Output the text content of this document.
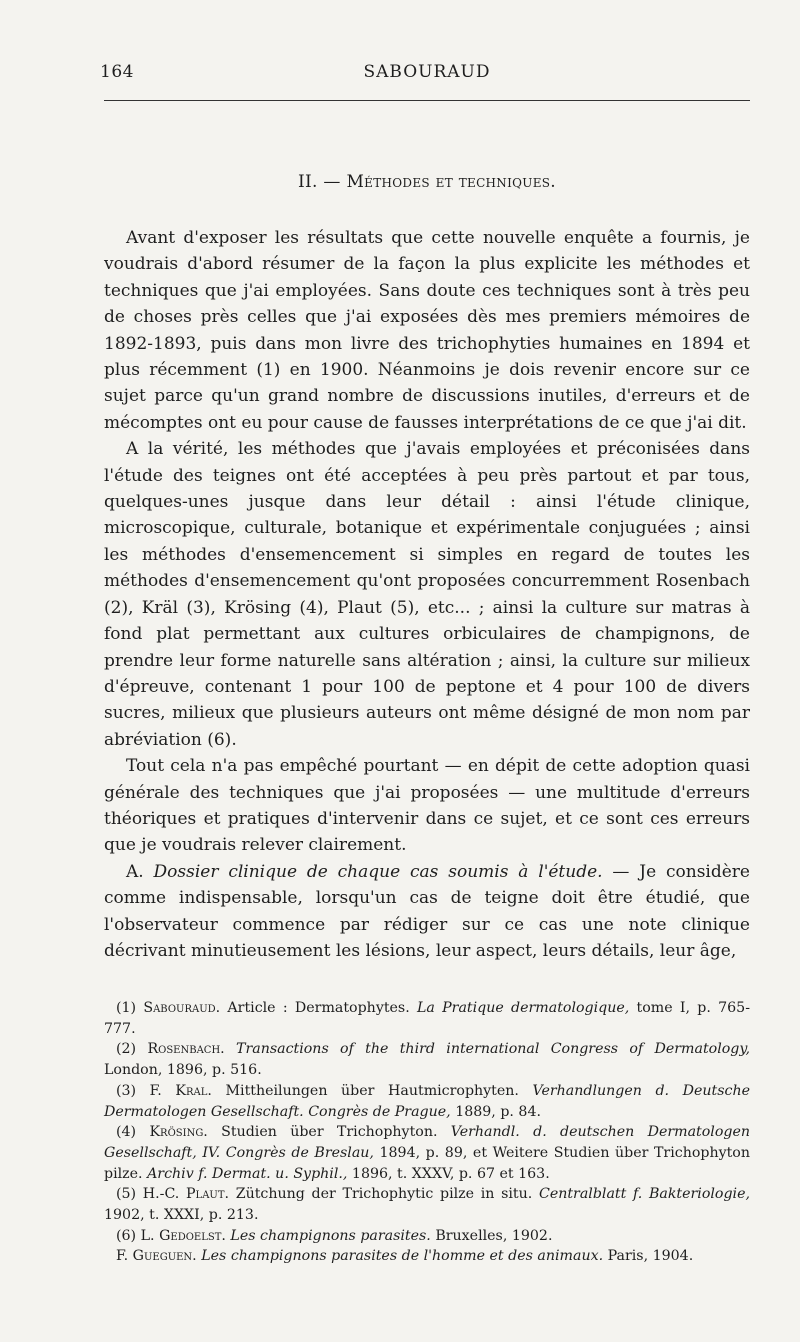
164	SABOURAUD
II. — Méthodes et techniques.

Avant d'exposer les résultats que cette nouvelle enquête a fournis, je voudrais d'abord résumer de la façon la plus explicite les méthodes et techniques que j'ai employées. Sans doute ces techniques sont à très peu de choses près celles que j'ai exposées dès mes premiers mémoires de 1892-1893, puis dans mon livre des trichophyties humaines en 1894 et plus récemment (1) en 1900. Néanmoins je dois revenir encore sur ce sujet parce qu'un grand nombre de discussions inutiles, d'erreurs et de mécomptes ont eu pour cause de fausses interprétations de ce que j'ai dit.

A la vérité, les méthodes que j'avais employées et préconisées dans l'étude des teignes ont été acceptées à peu près partout et par tous, quelques-unes jusque dans leur détail : ainsi l'étude clinique, microscopique, culturale, botanique et expérimentale conjuguées ; ainsi les méthodes d'ensemencement si simples en regard de toutes les méthodes d'ensemencement qu'ont proposées concurremment Rosenbach (2), Kräl (3), Krösing (4), Plaut (5), etc... ; ainsi la culture sur matras à fond plat permettant aux cultures orbiculaires de champignons, de prendre leur forme naturelle sans altération ; ainsi, la culture sur milieux d'épreuve, contenant 1 pour 100 de peptone et 4 pour 100 de divers sucres, milieux que plusieurs auteurs ont même désigné de mon nom par abréviation (6).

Tout cela n'a pas empêché pourtant — en dépit de cette adoption quasi générale des techniques que j'ai proposées — une multitude d'erreurs théoriques et pratiques d'intervenir dans ce sujet, et ce sont ces erreurs que je voudrais relever clairement.

A. Dossier clinique de chaque cas soumis à l'étude. — Je considère comme indispensable, lorsqu'un cas de teigne doit être étudié, que l'observateur commence par rédiger sur ce cas une note clinique décrivant minutieusement les lésions, leur aspect, leurs détails, leur âge,

(1) Sabouraud. Article : Dermatophytes. La Pratique dermatologique, tome I, p. 765-777.

(2) Rosenbach. Transactions of the third international Congress of Dermatology, London, 1896, p. 516.

(3) F. Kral. Mittheilungen über Hautmicrophyten. Verhandlungen d. Deutsche Dermatologen Gesellschaft. Congrès de Prague, 1889, p. 84.

(4) Krösing. Studien über Trichophyton. Verhandl. d. deutschen Dermatologen Gesellschaft, IV. Congrès de Breslau, 1894, p. 89, et Weitere Studien über Trichophyton pilze. Archiv f. Dermat. u. Syphil., 1896, t. XXXV, p. 67 et 163.

(5) H.-C. Plaut. Zütchung der Trichophytic pilze in situ. Centralblatt f. Bakteriologie, 1902, t. XXXI, p. 213.

(6) L. Gedoelst. Les champignons parasites. Bruxelles, 1902.

F. Gueguen. Les champignons parasites de l'homme et des animaux. Paris, 1904.
